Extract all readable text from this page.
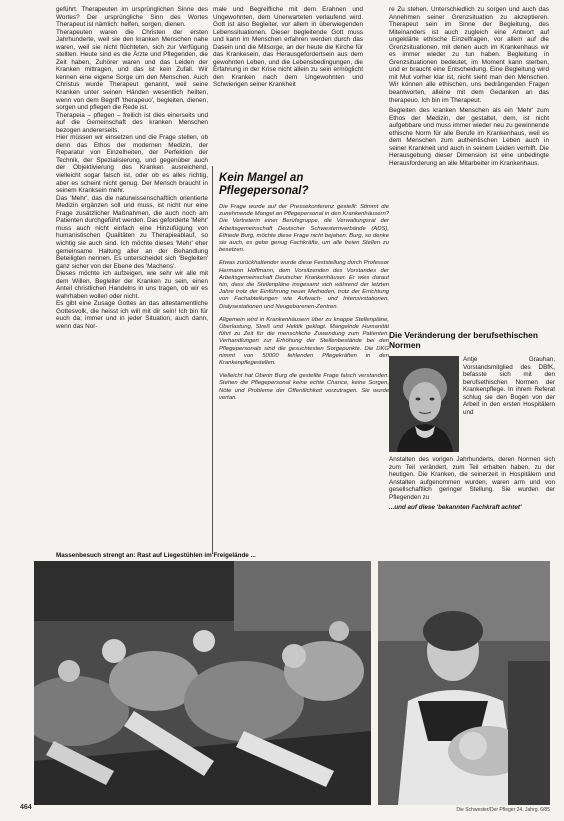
geführt. Therapeuten im ursprünglichen Sinne des Wortes? Der ursprüngliche Sinn des Wortes Therapeut ist nämlich: helfen, sorgen, dienen.

Therapeuten waren die Christen der ersten Jahrhunderte, weil sie den kranken Menschen nahe waren, weil sie nicht flüchteten, sich zur Verfügung stellten. Heute sind es die Ärzte und Pflegenden, die Zeit haben, Zuhörer waren und das Leiden der Kranken mittragen, und das ist kein Zufall. Wir kennen eine eigene Sorge um den Menschen. Auch Christus wurde Therapeut genannt, weil seine Kranken unter seinen Händen wesentlich heilten, wenn von dem Begriff 'therapeuo', begleiten, dienen, sorgen und pflegen die Rede ist.

Therapeia – pflegen – freilich ist dies einerseits und auf die Gemeinschaft des kranken Menschen bezogen andererseits.

Hier müssen wir einsetzen und die Frage stellen, ob denn das Ethos der modernen Medizin, der Reparatur von Einzelheiten, der Perfektion der Technik, der Spezialisierung, und gegenüber auch der Objektivierung des Kranken ausreichend, vielleicht sogar falsch ist, oder ob es alles richtig, aber es scheint nicht genug. Der Mensch braucht in seinem Kranksein mehr.

Das 'Mehr', das die naturwissenschaftlich orientierte Medizin ergänzen soll und muss, ist nicht nur eine Frage zusätzlicher Maßnahmen, die auch noch am Patienten durchgeführt werden. Das geforderte 'Mehr' muss auch nicht einfach eine Hinzufügung von humanistischen Qualitäten zu Therapieablauf, so wichtig sie auch sind. Ich möchte dieses 'Mehr' eher gemeinsame Haltung aller an der Behandlung Beteiligten nennen. Es unterscheidet sich 'Begleiten' ganz sicher von der Ebene des 'Machens'.

Dieses möchte ich aufzeigen, wie sehr wir alle mit dem Willen, Begleiter der Kranken zu sein, einen Anteil christlichen Handelns in uns tragen, ob wir es wahrhaben wollen oder nicht.

Es gibt eine Zusage Gottes an das altestamentliche Gottesvolk, die heisst ich will mit dir sein! Ich bin für euch da; immer und in jeder Situation, auch dann, wenn das Nor-

male und Begreifliche mit dem Erahnen und Ungewohnten, dem Unerwarteten verlaufend wird. Gott ist also Begleiter, vor allem in überwiegenden Lebenssituationen. Dieser begleitende Gott muss und kann im Menschen erfahren werden durch das Dasein und die Mitsorge, an der heute die Kirche für das Krankesein, das Herausgefordertsein aus dem gewohnten Leben, und die Lebensbedingungen, die Erfahrung in der Krise nicht allein zu sein ermöglicht den Kranken nach dem Ungewohnten und Schwierigen seiner Krankheit

Kein Mangel an Pflegepersonal?

Die Frage wurde auf der Pressekonferenz gestellt: Stimmt die zunehmende Mangel an Pflegepersonal in den Krankenhäusern? Die Vertreterin einer Berufsgruppe, die Verwaltungsrat der Arbeitsgemeinschaft Deutscher Schwesternverbände (ADS), Elfriede Burg, möchte diese Frage nicht bejahen. Burg, so denke sie auch, es gebe genug Fachkräfte, um alle freien Stellen zu besetzen.

Etwas zurückhaltender wurde diese Feststellung durch Professor Hermann Hoffmann, dem Vorsitzenden des Vorstandes der Arbeitsgemeinschaft Deutscher Krankenhäuser. Er wies darauf hin, dass die Stellenpläne insgesamt sich während der letzten Jahre trotz der Einführung neuer Methoden, trotz der Errichtung von Fachabteilungen wie Aufwach- und Intensivstationen, Dialysestationen und Neugeborenen-Zentren.

Allgemein wird in Krankenhäusern über zu knappe Stellenpläne, Überlastung, Streß und Hektik geklagt. Mangelnde Humanität führt zu Zeit für die menschliche Zuwendung zum Patienten. Verhandlungen zur Erhöhung der Stellenbestände bei den Pflegepersonals sind die gesuchtesten Sorgepunkte. Die DKG nimmt von 50000 fehlenden Pflegekräften in den Krankenpflegestellen.

Vielleicht hat Oberin Burg die gestellte Frage falsch verstanden. Stehen die Pflegepersonal keine echte Chance, keine Sorgen, Nöte und Probleme der Öffentlichkeit vorzutragen. Sie wurde vertan.

re Zu stehen. Unterschiedlich zu sorgen und auch das Annehmen seiner Grenzsituation zu akzeptieren. Therapeut sein im Sinne der Begleitung, des Miteinanders ist auch zugleich eine Antwort auf ungeklärte ethische Einzelfragen, vor allem auf die Grenzsituationen, mit denen auch im Krankenhaus wir es immer wieder zu tun haben. Begleitung in Grenzsituationen bedeutet, im Moment kann sterben, und er braucht eine Entscheidung. Eine Begleitung wird mit Mut vorher klar ist, nicht sieht man den Menschen. Wir können alle ethischen, uns bedrängenden Fragen beantworten, alleine mit dem Gedanken an das therapeuo. Ich bin im Therapeut.

Begleiten des kranken Menschen als ein 'Mehr' zum Ethos der Medizin, der gestaltet, dem, ist nicht aufgebbare und muss immer wieder neu zu gewinnende ethische Norm für alle Berufe im Krankenhaus, weil es dem Menschen zum authentischen Leben auch in seiner Krankheit und auch in seinem Leiden verhilft. Die Herausgebung dieser Dimension ist eine unbedingte Herausforderung an alle Mitarbeiter im Krankenhaus.

Die Veränderung der berufsethischen Normen
Antje Grauhan, Vorstandsmitglied des DBfK, befasste sich mit den berufsethischen Normen der Krankenpflege. In ihrem Referat schlug sie den Bogen von der Arbeit in den ersten Hospitälern und
Anstalten des vorigen Jahrhunderts, deren Normen sich zum Teil verändert, zum Teil erhalten haben, zu der heutigen. Die Kranken, die seinerzeit in Hospitälern und Anstalten aufgenommen wurden, waren arm und von gesellschaftlich geringer Stellung. Sie wurden der Pflegenden zu
...und auf diese 'bekannten Fachkraft achtet'
Massenbesuch strengt an: Rast auf Liegestühlen im Freigelände ...
464	Die Schwester/Der Pfleger 24. Jahrg. 6/85
